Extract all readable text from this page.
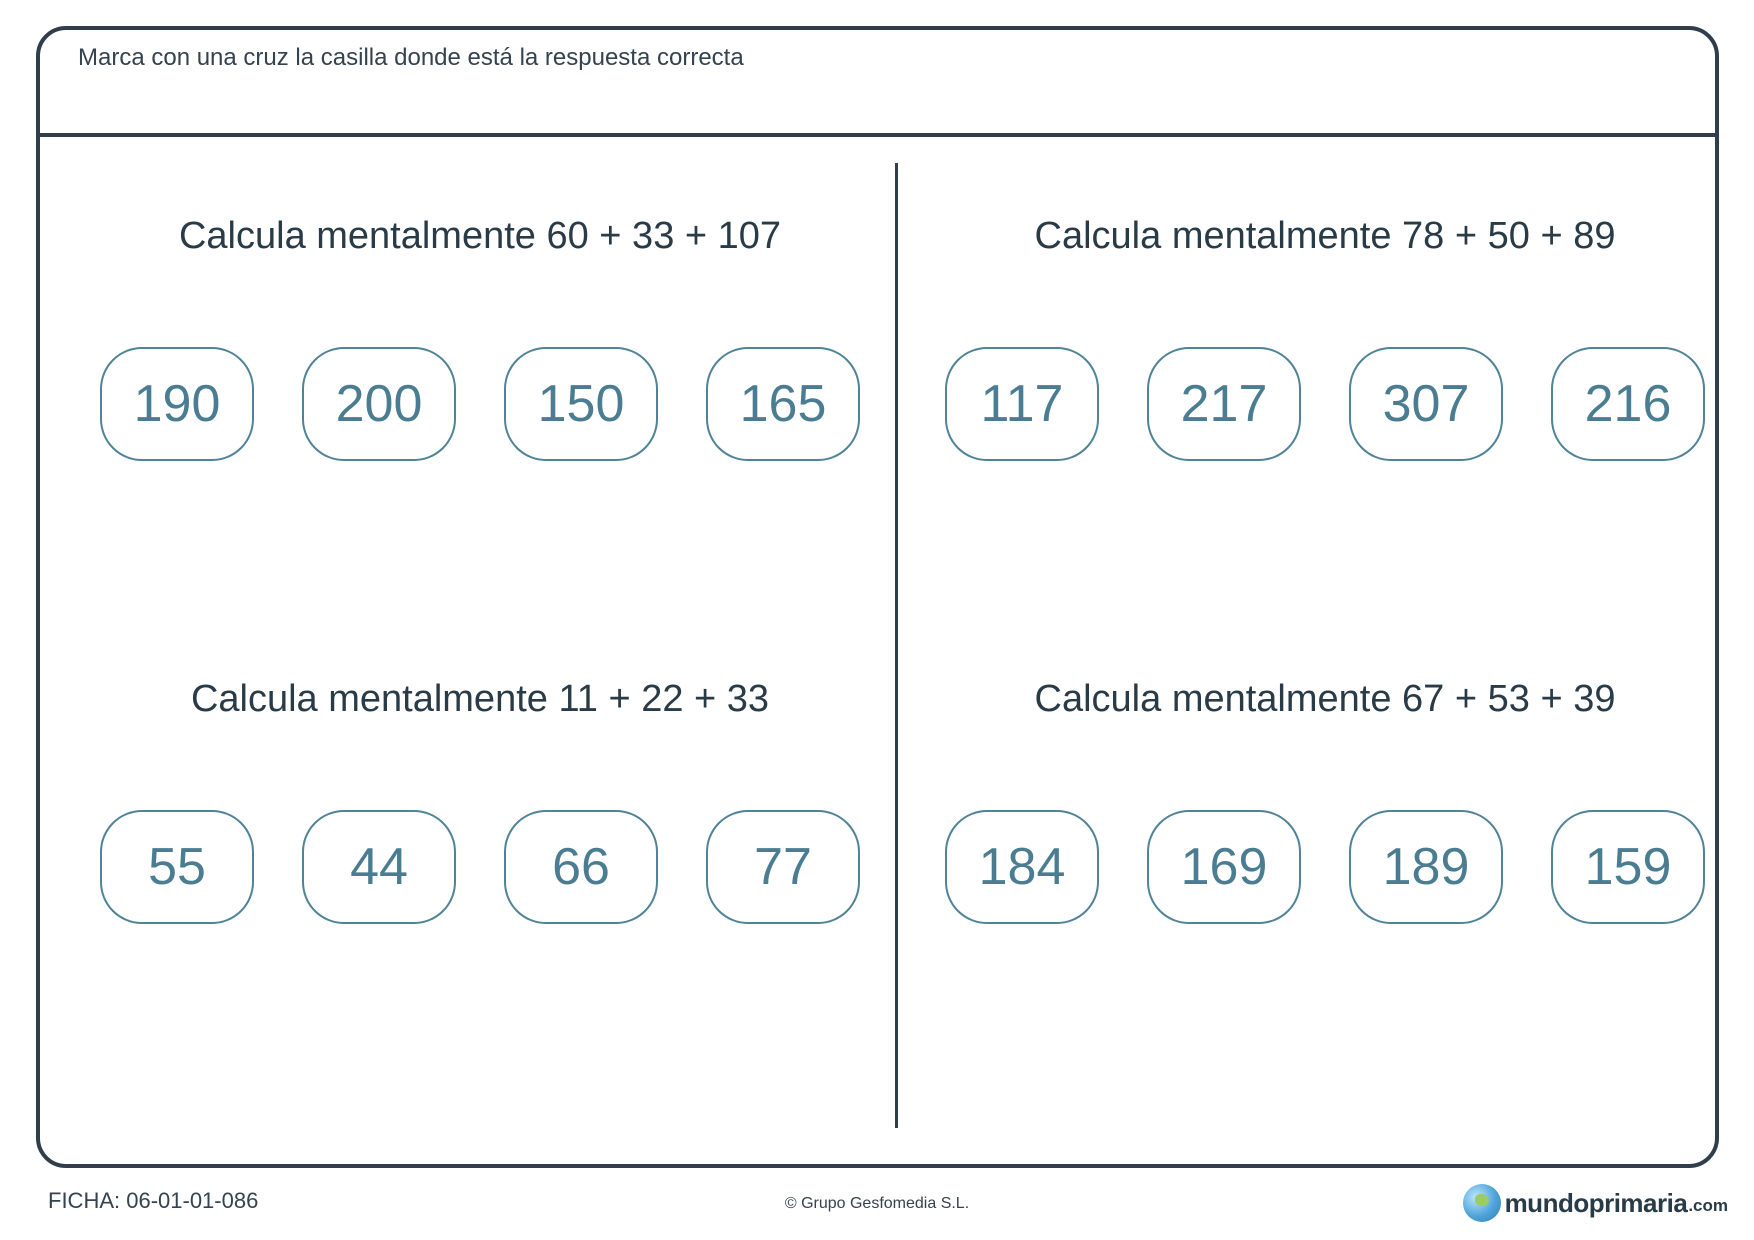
Marca con una cruz la casilla donde está la respuesta correcta
Calcula mentalmente 60 + 33 + 107
190	200	150	165
Calcula mentalmente 78 + 50 + 89
117	217	307	216
Calcula mentalmente 11 + 22 + 33
55	44	66	77
Calcula mentalmente 67 + 53 + 39
184	169	189	159
FICHA: 06-01-01-086	© Grupo Gesfomedia S.L.	mundoprimaria .com
